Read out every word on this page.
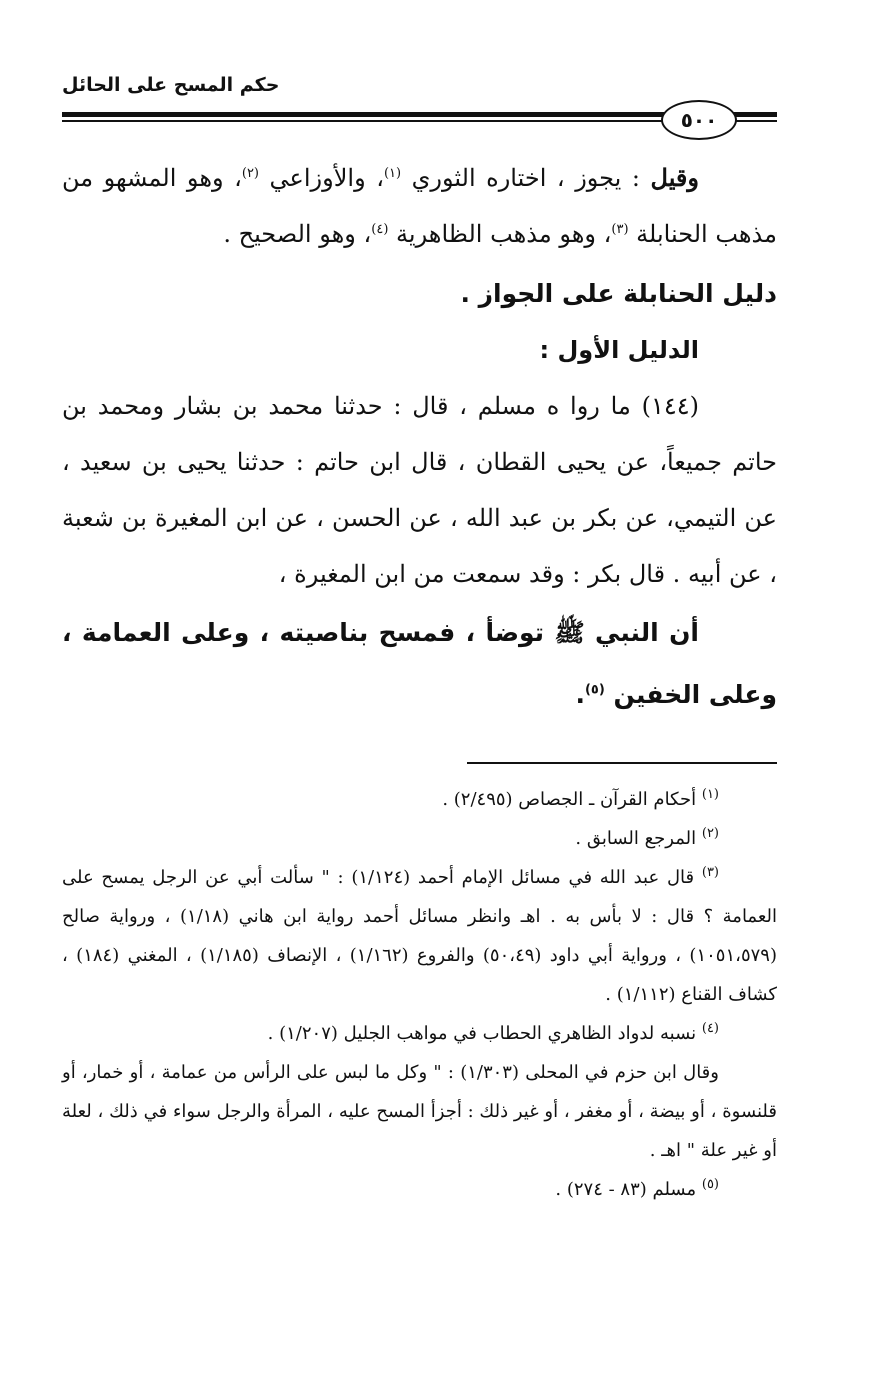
حكم المسح على الحائل
٥٠٠

وقيل : يجوز ، اختاره الثوري $^{(١)}$، والأوزاعي $^{(٢)}$، وهو المشهو من مذهب الحنابلة $^{(٣)}$، وهو مذهب الظاهرية $^{(٤)}$، وهو الصحيح .

دليل الحنابلة على الجواز .

الدليل الأول :

(١٤٤) ما روا ه مسلم ، قال : حدثنا محمد بن بشار ومحمد بن حاتم جميعاً، عن يحيى القطان ، قال ابن حاتم : حدثنا يحيى بن سعيد ، عن التيمي، عن بكر بن عبد الله ، عن الحسن ، عن ابن المغيرة بن شعبة ، عن أبيه . قال بكر : وقد سمعت من ابن المغيرة ،

أن النبي ﷺ توضأ ، فمسح بناصيته ، وعلى العمامة ، وعلى الخفين $^{(٥)}$.

$^{(١)}$ أحكام القرآن ـ الجصاص (٢/٤٩٥) .

$^{(٢)}$ المرجع السابق .

$^{(٣)}$ قال عبد الله في مسائل الإمام أحمد (١/١٢٤) : " سألت أبي عن الرجل يمسح على العمامة ؟ قال : لا بأس به . اهـ وانظر مسائل أحمد رواية ابن هاني (١/١٨) ، ورواية صالح (١٠٥١،٥٧٩) ، ورواية أبي داود (٥٠،٤٩) والفروع (١/١٦٢) ، الإنصاف (١/١٨٥) ، المغني (١٨٤) ، كشاف القناع (١/١١٢) .

$^{(٤)}$ نسبه لدواد الظاهري الحطاب في مواهب الجليل (١/٢٠٧) .

وقال ابن حزم في المحلى (١/٣٠٣) : " وكل ما لبس على الرأس من عمامة ، أو خمار، أو قلنسوة ، أو بيضة ، أو مغفر ، أو غير ذلك : أجزأ المسح عليه ، المرأة والرجل سواء في ذلك ، لعلة أو غير علة " اهـ .

$^{(٥)}$ مسلم (٨٣ - ٢٧٤) .
